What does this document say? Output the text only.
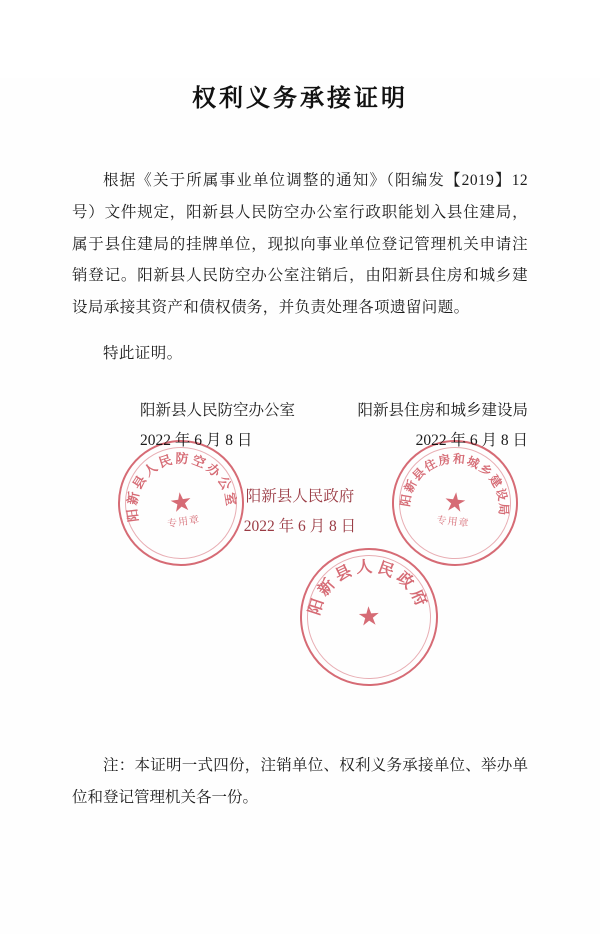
权利义务承接证明

根据《关于所属事业单位调整的通知》（阳编发【2019】12号）文件规定，阳新县人民防空办公室行政职能划入县住建局，属于县住建局的挂牌单位，现拟向事业单位登记管理机关申请注销登记。阳新县人民防空办公室注销后，由阳新县住房和城乡建设局承接其资产和债权债务，并负责处理各项遗留问题。

特此证明。

阳新县人民防空办公室
2022 年 6 月 8 日
阳新县住房和城乡建设局
2022 年 6 月 8 日
阳新县人民政府
2022 年 6 月 8 日
阳新县人民防空办公室
★
专用章
阳新县住房和城乡建设局
★
专用章
阳新县人民政府
★

注：本证明一式四份，注销单位、权利义务承接单位、举办单位和登记管理机关各一份。
